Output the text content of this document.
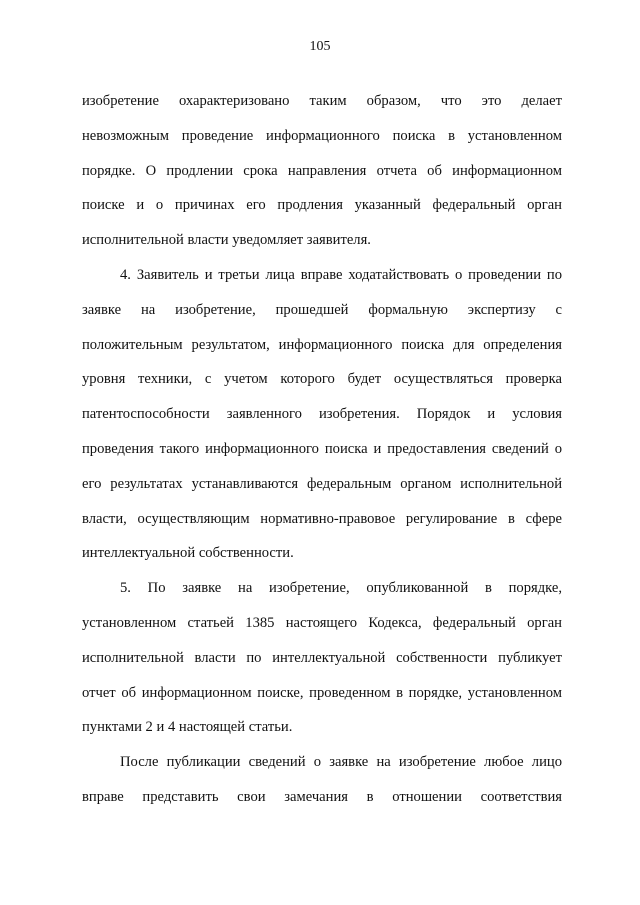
105
изобретение охарактеризовано таким образом, что это делает
невозможным проведение информационного поиска в установленном
порядке. О продлении срока направления отчета об информационном
поиске и о причинах его продления указанный федеральный орган
исполнительной власти уведомляет заявителя.
4. Заявитель и третьи лица вправе ходатайствовать о проведении по
заявке на изобретение, прошедшей формальную экспертизу с
положительным результатом, информационного поиска для определения
уровня техники, с учетом которого будет осуществляться проверка
патентоспособности заявленного изобретения. Порядок и условия
проведения такого информационного поиска и предоставления сведений о
его результатах устанавливаются федеральным органом исполнительной
власти, осуществляющим нормативно-правовое регулирование в сфере
интеллектуальной собственности.
5. По заявке на изобретение, опубликованной в порядке,
установленном статьей 1385 настоящего Кодекса, федеральный орган
исполнительной власти по интеллектуальной собственности публикует
отчет об информационном поиске, проведенном в порядке, установленном
пунктами 2 и 4 настоящей статьи.
После публикации сведений о заявке на изобретение любое лицо
вправе представить свои замечания в отношении соответствия
